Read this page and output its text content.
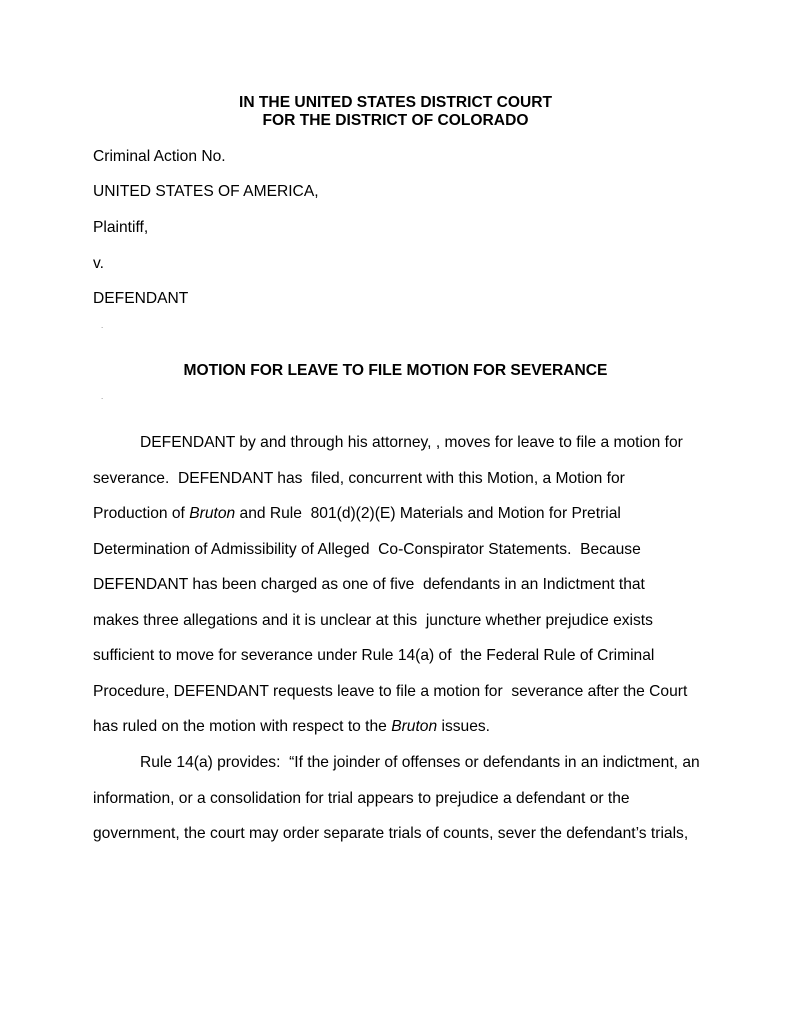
IN THE UNITED STATES DISTRICT COURT
FOR THE DISTRICT OF COLORADO
Criminal Action No.
UNITED STATES OF AMERICA,
Plaintiff,
v.
DEFENDANT
.
MOTION FOR LEAVE TO FILE MOTION FOR SEVERANCE
.
DEFENDANT by and through his attorney, , moves for leave to file a motion for
severance.  DEFENDANT has  filed, concurrent with this Motion, a Motion for
Production of Bruton and Rule  801(d)(2)(E) Materials and Motion for Pretrial
Determination of Admissibility of Alleged  Co-Conspirator Statements.  Because
DEFENDANT has been charged as one of five  defendants in an Indictment that
makes three allegations and it is unclear at this  juncture whether prejudice exists
sufficient to move for severance under Rule 14(a) of  the Federal Rule of Criminal
Procedure, DEFENDANT requests leave to file a motion for  severance after the Court
has ruled on the motion with respect to the Bruton issues.
Rule 14(a) provides:  “If the joinder of offenses or defendants in an indictment, an
information, or a consolidation for trial appears to prejudice a defendant or the
government, the court may order separate trials of counts, sever the defendant’s trials,
